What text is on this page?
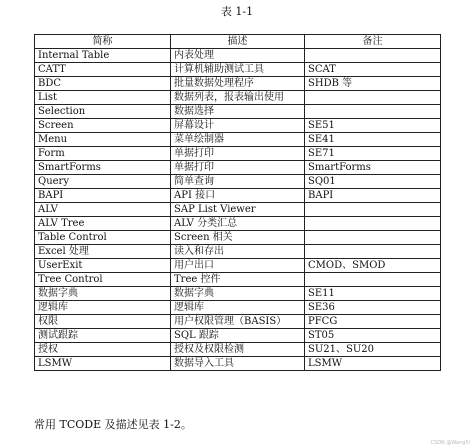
表 1-1
简称	描述	备注
Internal Table	内表处理	
CATT	计算机辅助测试工具	SCAT
BDC	批量数据处理程序	SHDB 等
List	数据列表，报表输出使用	
Selection	数据选择	
Screen	屏幕设计	SE51
Menu	菜单绘制器	SE41
Form	单据打印	SE71
SmartForms	单据打印	SmartForms
Query	简单查询	SQ01
BAPI	API 接口	BAPI
ALV	SAP List Viewer	
ALV Tree	ALV 分类汇总	
Table Control	Screen 相关	
Excel 处理	读入和存出	
UserExit	用户出口	CMOD、SMOD
Tree Control	Tree 控件	
数据字典	数据字典	SE11
逻辑库	逻辑库	SE36
权限	用户权限管理（BASIS）	PFCG
测试跟踪	SQL 跟踪	ST05
授权	授权及权限检测	SU21、SU20
LSMW	数据导入工具	LSMW
常用 TCODE 及描述见表 1-2。
CSDN @Wang5i
